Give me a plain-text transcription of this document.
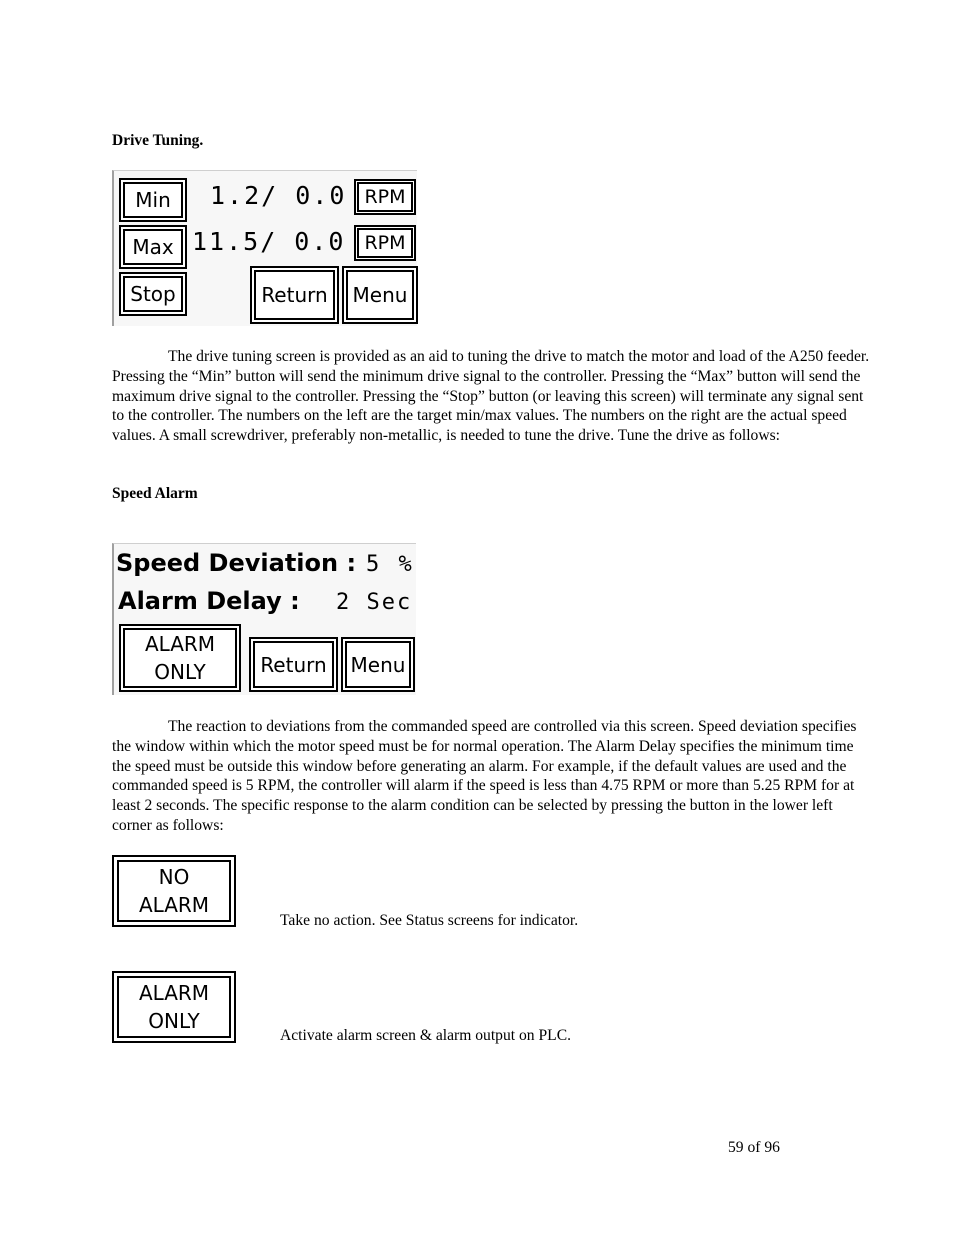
Drive Tuning.
Min
Max
Stop
1.2/ 0.0
11.5/ 0.0
RPM
RPM
Return	Menu

The drive tuning screen is provided as an aid to tuning the drive to match the motor and load of the A250 feeder. Pressing the “Min” button will send the minimum drive signal to the controller. Pressing the “Max” button will send the maximum drive signal to the controller. Pressing the “Stop” button (or leaving this screen) will terminate any signal sent to the controller. The numbers on the left are the target min/max values. The numbers on the right are the actual speed values. A small screwdriver, preferably non-metallic, is needed to tune the drive. Tune the drive as follows:

Speed Alarm
Speed Deviation : 5 %
Alarm Delay : 2 Sec
ALARM
ONLY	Return	Menu

The reaction to deviations from the commanded speed are controlled via this screen. Speed deviation specifies the window within which the motor speed must be for normal operation. The Alarm Delay specifies the minimum time the speed must be outside this window before generating an alarm. For example, if the default values are used and the commanded speed is 5 RPM, the controller will alarm if the speed is less than 4.75 RPM or more than 5.25 RPM for at least 2 seconds. The specific response to the alarm condition can be selected by pressing the button in the lower left corner as follows:

NO
ALARM
Take no action. See Status screens for indicator.
ALARM
ONLY
Activate alarm screen & alarm output on PLC.
59 of 96
